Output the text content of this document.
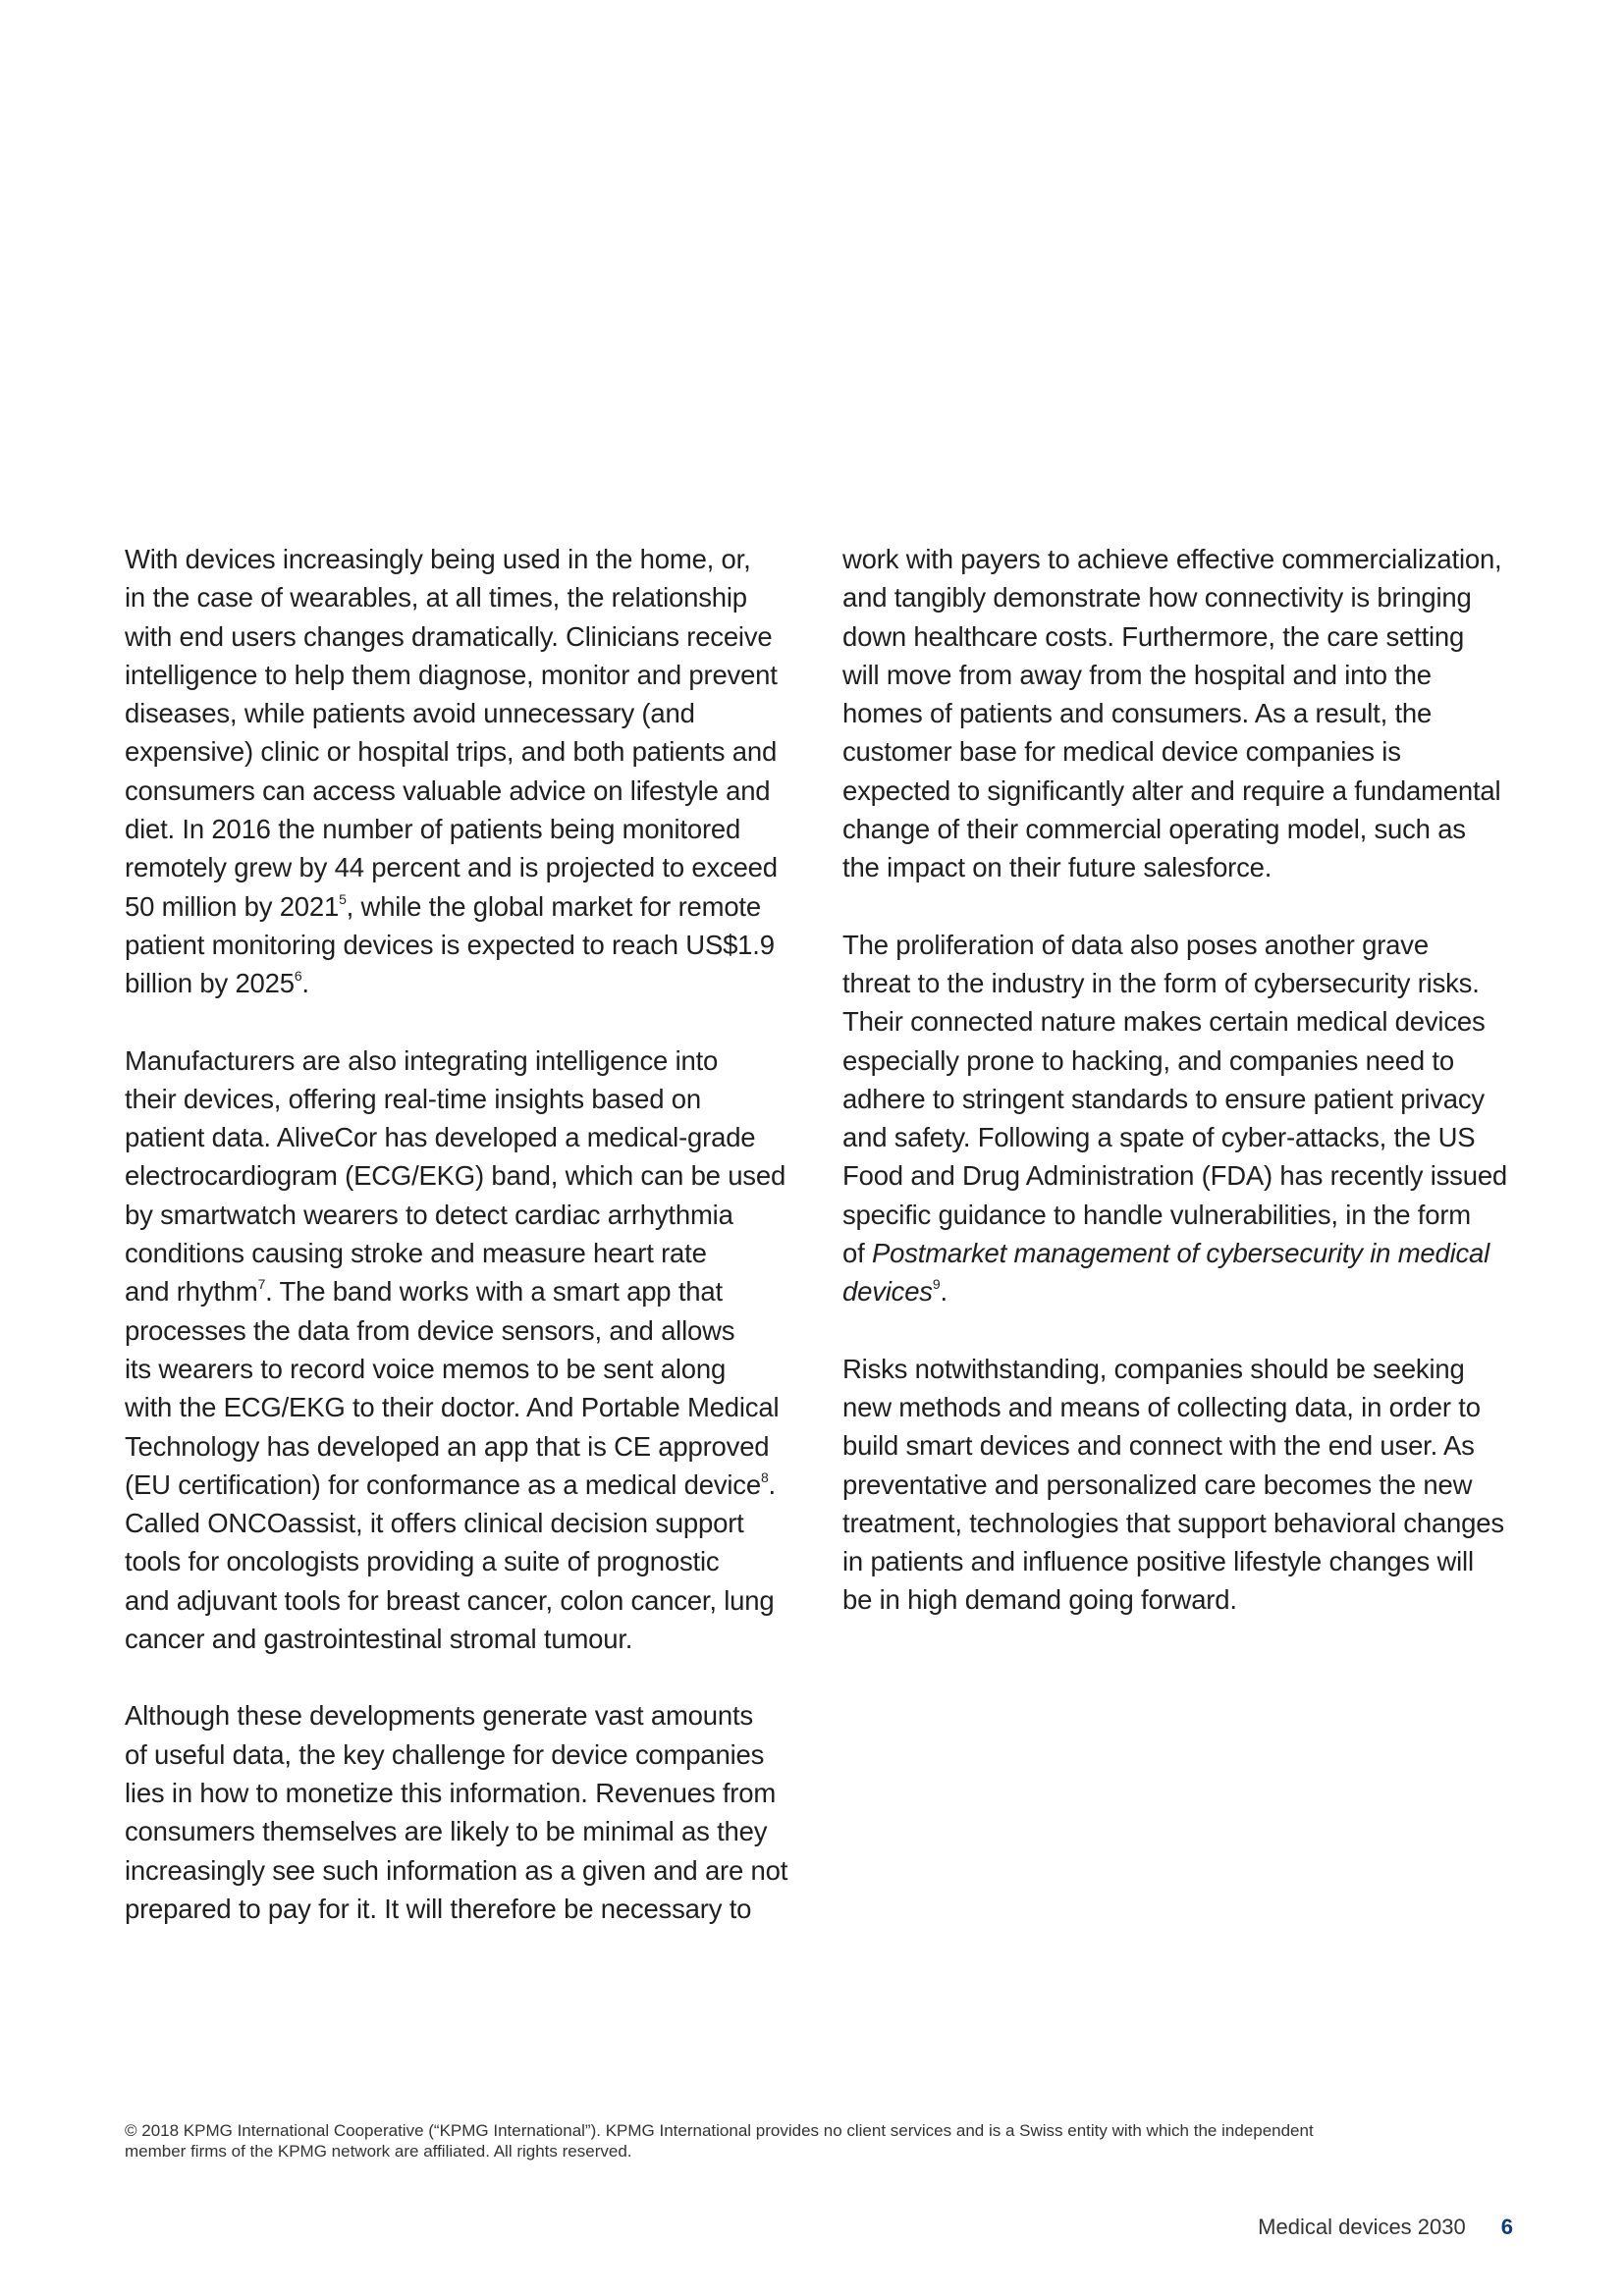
With devices increasingly being used in the home, or,
in the case of wearables, at all times, the relationship
with end users changes dramatically. Clinicians receive
intelligence to help them diagnose, monitor and prevent
diseases, while patients avoid unnecessary (and
expensive) clinic or hospital trips, and both patients and
consumers can access valuable advice on lifestyle and
diet. In 2016 the number of patients being monitored
remotely grew by 44 percent and is projected to exceed
50 million by 2021$^5$, while the global market for remote
patient monitoring devices is expected to reach US$1.9
billion by 2025$^6$.

Manufacturers are also integrating intelligence into
their devices, offering real-time insights based on
patient data. AliveCor has developed a medical-grade
electrocardiogram (ECG/EKG) band, which can be used
by smartwatch wearers to detect cardiac arrhythmia
conditions causing stroke and measure heart rate
and rhythm$^7$. The band works with a smart app that
processes the data from device sensors, and allows
its wearers to record voice memos to be sent along
with the ECG/EKG to their doctor. And Portable Medical
Technology has developed an app that is CE approved
(EU certification) for conformance as a medical device$^8$.
Called ONCOassist, it offers clinical decision support
tools for oncologists providing a suite of prognostic
and adjuvant tools for breast cancer, colon cancer, lung
cancer and gastrointestinal stromal tumour.

Although these developments generate vast amounts
of useful data, the key challenge for device companies
lies in how to monetize this information. Revenues from
consumers themselves are likely to be minimal as they
increasingly see such information as a given and are not
prepared to pay for it. It will therefore be necessary to

work with payers to achieve effective commercialization,
and tangibly demonstrate how connectivity is bringing
down healthcare costs. Furthermore, the care setting
will move from away from the hospital and into the
homes of patients and consumers. As a result, the
customer base for medical device companies is
expected to significantly alter and require a fundamental
change of their commercial operating model, such as
the impact on their future salesforce.

The proliferation of data also poses another grave
threat to the industry in the form of cybersecurity risks.
Their connected nature makes certain medical devices
especially prone to hacking, and companies need to
adhere to stringent standards to ensure patient privacy
and safety. Following a spate of cyber-attacks, the US
Food and Drug Administration (FDA) has recently issued
specific guidance to handle vulnerabilities, in the form
of Postmarket management of cybersecurity in medical
devices$^9$.

Risks notwithstanding, companies should be seeking
new methods and means of collecting data, in order to
build smart devices and connect with the end user. As
preventative and personalized care becomes the new
treatment, technologies that support behavioral changes
in patients and influence positive lifestyle changes will
be in high demand going forward.

© 2018 KPMG International Cooperative (“KPMG International”). KPMG International provides no client services and is a Swiss entity with which the independent
member firms of the KPMG network are affiliated. All rights reserved.
Medical devices 2030 6
